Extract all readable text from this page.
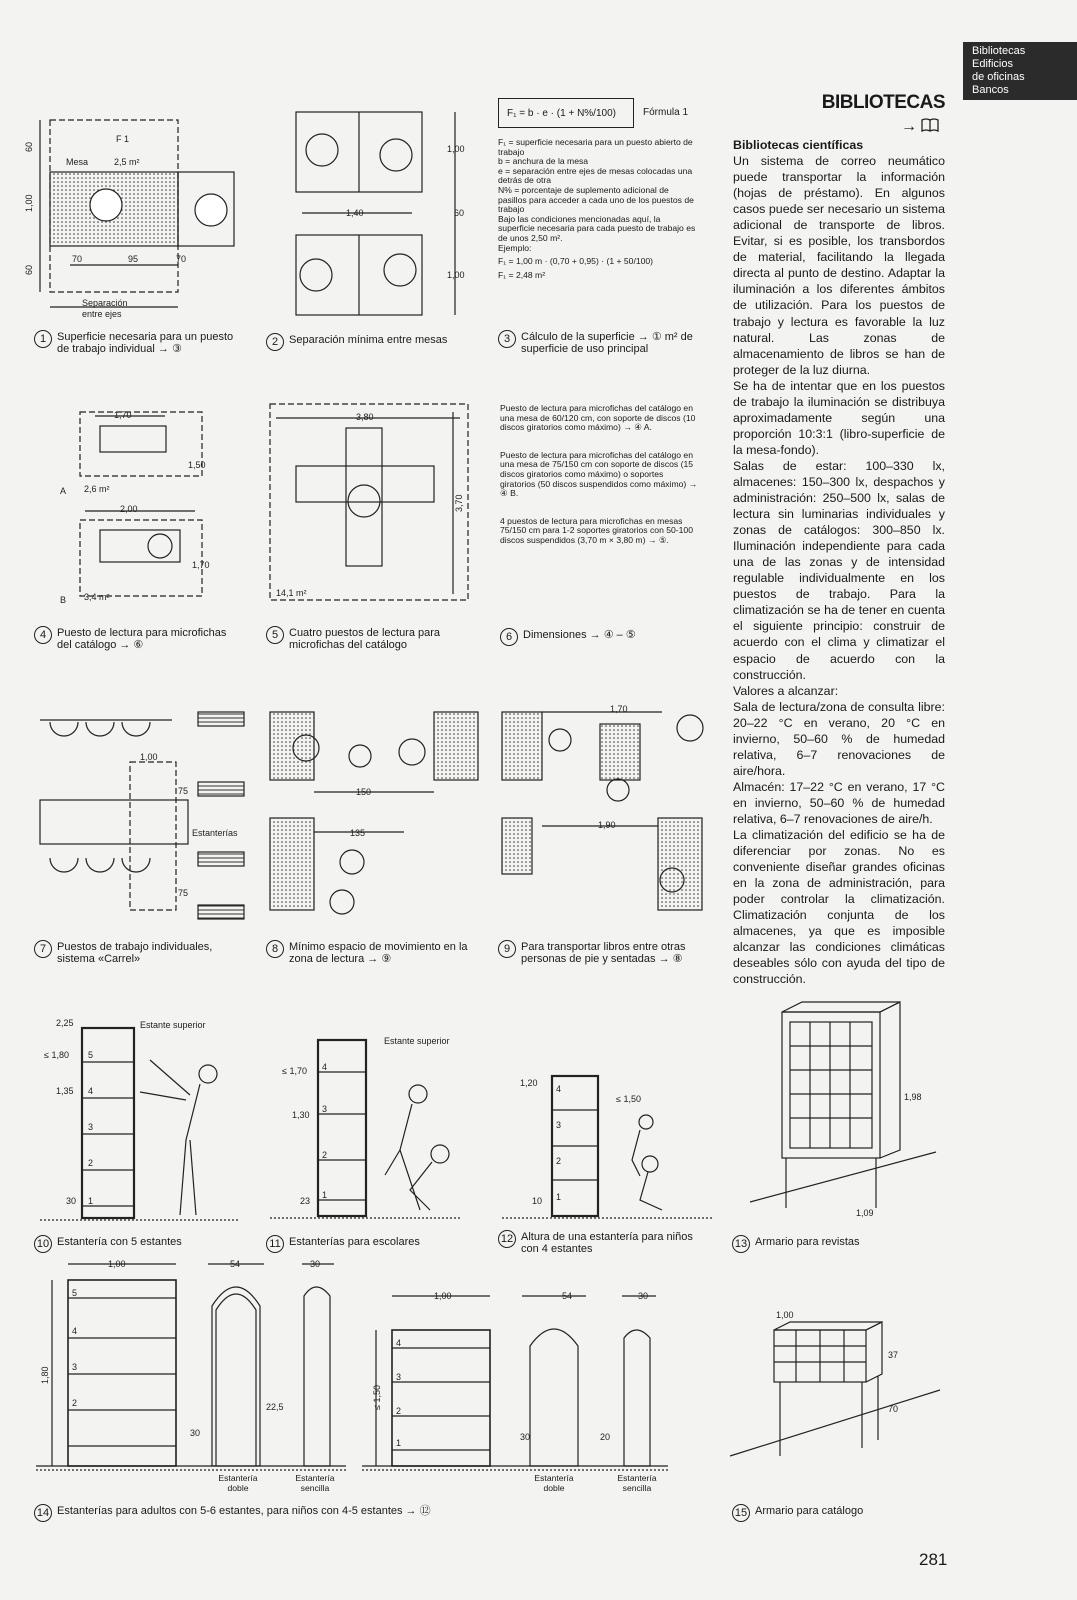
Bibliotecas
Edificios
de oficinas
Bancos
BIBLIOTECAS
→

Bibliotecas científicas

Un sistema de correo neumático puede transportar la información (hojas de préstamo). En algunos casos puede ser necesario un sistema adicional de transporte de libros. Evitar, si es posible, los transbordos de material, facilitando la llegada directa al punto de destino. Adaptar la iluminación a los diferentes ámbitos de utilización. Para los puestos de trabajo y lectura es favorable la luz natural. Las zonas de almacenamiento de libros se han de proteger de la luz diurna.

Se ha de intentar que en los puestos de trabajo la iluminación se distribuya aproximadamente según una proporción 10:3:1 (libro-superficie de la mesa-fondo).

Salas de estar: 100–330 lx, almacenes: 150–300 lx, despachos y administración: 250–500 lx, salas de lectura sin luminarias individuales y zonas de catálogos: 300–850 lx. Iluminación independiente para cada una de las zonas y de intensidad regulable individualmente en los puestos de trabajo. Para la climatización se ha de tener en cuenta el siguiente principio: construir de acuerdo con el clima y climatizar el espacio de acuerdo con la construcción.

Valores a alcanzar:

Sala de lectura/zona de consulta libre: 20–22 °C en verano, 20 °C en invierno, 50–60 % de humedad relativa, 6–7 renovaciones de aire/hora.

Almacén: 17–22 °C en verano, 17 °C en invierno, 50–60 % de humedad relativa, 6–7 renovaciones de aire/h.

La climatización del edificio se ha de diferenciar por zonas. No es conveniente diseñar grandes oficinas en la zona de administración, para poder controlar la climatización. Climatización conjunta de los almacenes, ya que es imposible alcanzar las condiciones climáticas deseables sólo con ayuda del tipo de construcción.

F₁ = b · e · (1 + N%/100)	Fórmula 1
F₁ = superficie necesaria para un puesto abierto de trabajo
b = anchura de la mesa
e = separación entre ejes de mesas colocadas una detrás de otra
N% = porcentaje de suplemento adicional de pasillos para acceder a cada uno de los puestos de trabajo
Bajo las condiciones mencionadas aquí, la superficie necesaria para cada puesto de trabajo es de unos 2,50 m².
Ejemplo:
F₁ = 1,00 m · (0,70 + 0,95) · (1 + 50/100)
F₁ = 2,48 m²
Puesto de lectura para microfichas del catálogo en una mesa de 60/120 cm, con soporte de discos (10 discos giratorios como máximo) → ④ A.
Puesto de lectura para microfichas del catálogo en una mesa de 75/150 cm con soporte de discos (15 discos giratorios como máximo) o soportes giratorios (50 discos suspendidos como máximo) → ④ B.
4 puestos de lectura para microfichas en mesas 75/150 cm para 1-2 soportes giratorios con 50-100 discos suspendidos (3,70 m × 3,80 m) → ⑤.
F 1
Mesa	2,5 m²
60
1,00
60
70	95	70
Separación
entre ejes
1,00
1,40	60
1,00
1,70
1,50
A 2,6 m²
2,00
1,70
B 3,4 m²
3,80
3,70
14,1 m²
1,00
75
Estanterías
75
150
135
1,70
1,90
2,25	Estante superior
≤ 1,80
1,35
30
5
4
3
2
1
Estante superior
≤ 1,70
1,30
23
4
3
2
1
1,20
≤ 1,50
10
4
3
2
1
1,98
1,09
1,00	54	30
1,80
30
22,5
5
4
3
2
1,00	54	30
≤ 1,50
30	20
4
3
2
1
1,00
37
70
Estantería doble
Estantería sencilla
Estantería doble
Estantería sencilla
1 Superficie necesaria para un puesto de trabajo individual → ③
2 Separación mínima entre mesas	3 Cálculo de la superficie → ① m² de superficie de uso principal
4 Puesto de lectura para microfichas del catálogo → ⑥
5 Cuatro puestos de lectura para microfichas del catálogo
6 Dimensiones → ④ – ⑤
7 Puestos de trabajo individuales, sistema «Carrel»
8 Mínimo espacio de movimiento en la zona de lectura → ⑨
9 Para transportar libros entre otras personas de pie y sentadas → ⑧
10 Estantería con 5 estantes	11 Estanterías para escolares	12 Altura de una estantería para niños con 4 estantes	13 Armario para revistas
14 Estanterías para adultos con 5-6 estantes, para niños con 4-5 estantes → ⑫	15 Armario para catálogo
281
